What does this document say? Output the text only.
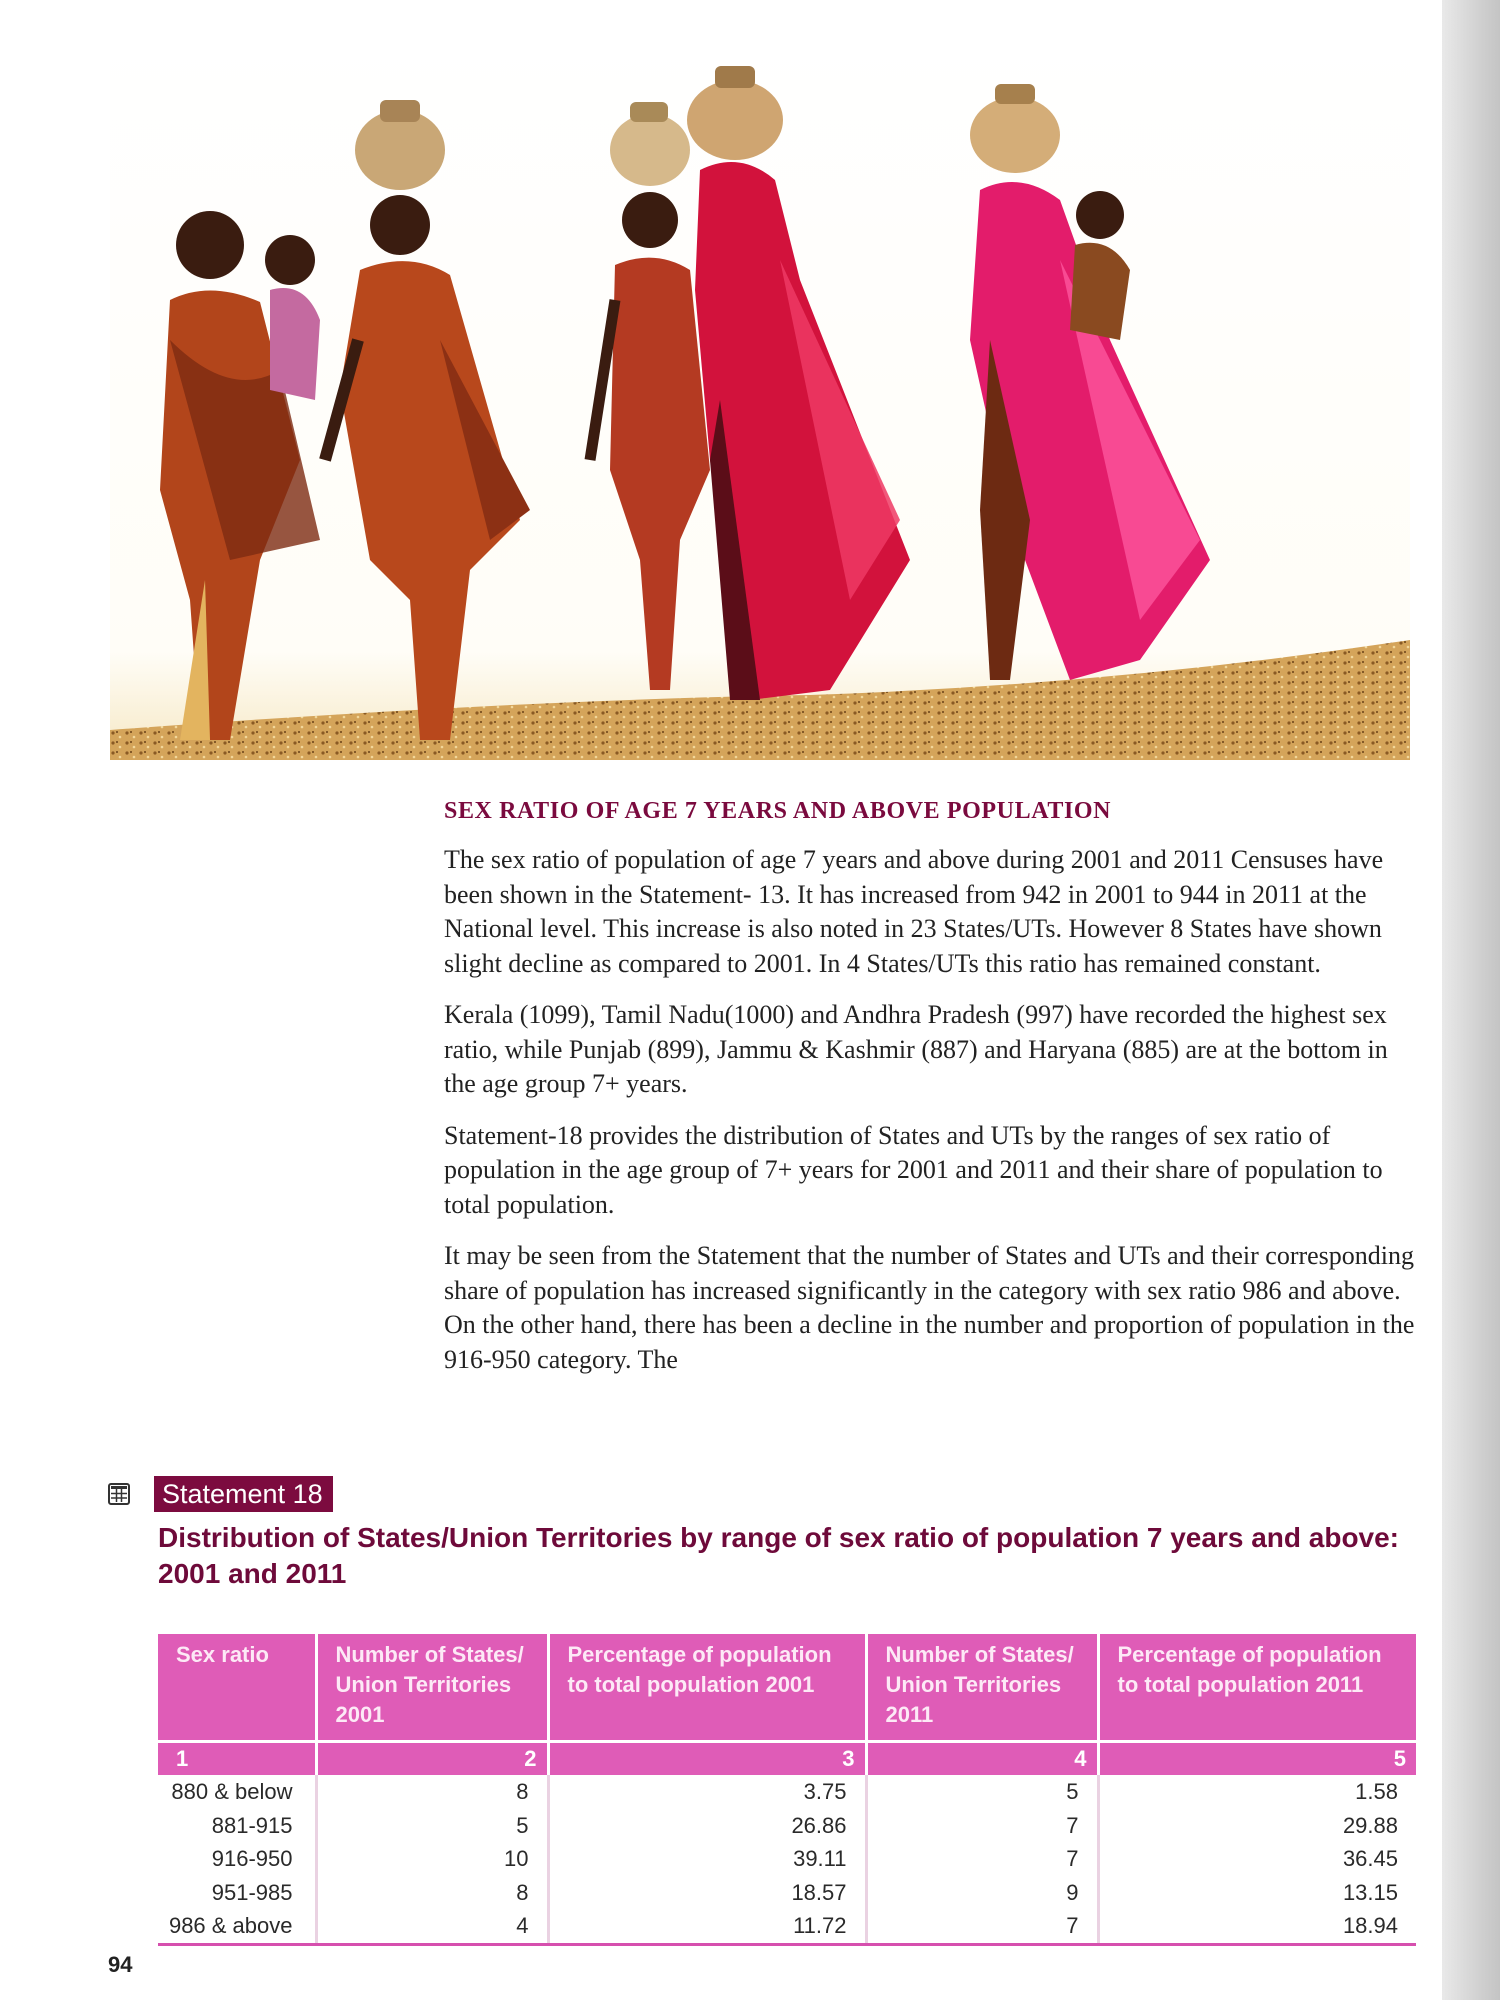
SEX RATIO OF AGE 7 YEARS AND ABOVE POPULATION

The sex ratio of population of age 7 years and above during 2001 and 2011 Censuses have been shown in the Statement- 13. It has increased from 942 in 2001 to 944 in 2011 at the National level. This increase is also noted in 23 States/UTs. However 8 States have shown slight decline as compared to 2001. In 4 States/UTs this ratio has remained constant.

Kerala (1099), Tamil Nadu(1000) and Andhra Pradesh (997) have recorded the highest sex ratio, while Punjab (899), Jammu & Kashmir (887) and Haryana (885) are at the bottom in the age group 7+ years.

Statement-18 provides the distribution of States and UTs by the ranges of sex ratio of population in the age group of 7+ years for 2001 and 2011 and their share of population to total population.

It may be seen from the Statement that the number of States and UTs and their corresponding share of population has increased significantly in the category with sex ratio 986 and above. On the other hand, there has been a decline in the number and proportion of population in the 916-950 category. The

Statement 18
Distribution of States/Union Territories by range of sex ratio of population 7 years and above: 2001 and 2011
Sex ratio	Number of States/ Union Territories 2001	Percentage of population to total population 2001	Number of States/ Union Territories 2011	Percentage of population to total population 2011
1	2	3	4	5
880 & below	8	3.75	5	1.58
881-915	5	26.86	7	29.88
916-950	10	39.11	7	36.45
951-985	8	18.57	9	13.15
986 & above	4	11.72	7	18.94
94
